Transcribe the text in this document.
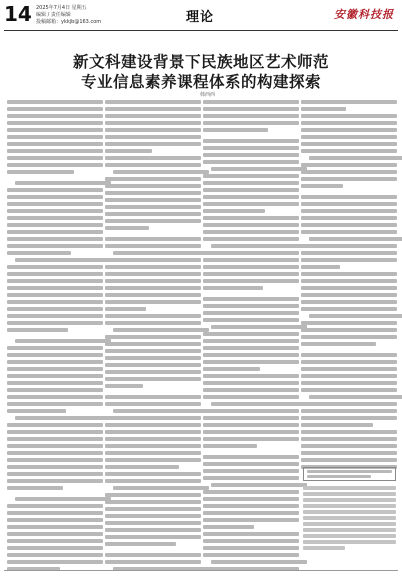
14 2025年7月4日 星期五
编辑 / 责任编辑
投稿邮箱：ykkjb@163.com	理论	安徽科技报
新文科建设背景下民族地区艺术师范
专业信息素养课程体系的构建探索
韩西西
